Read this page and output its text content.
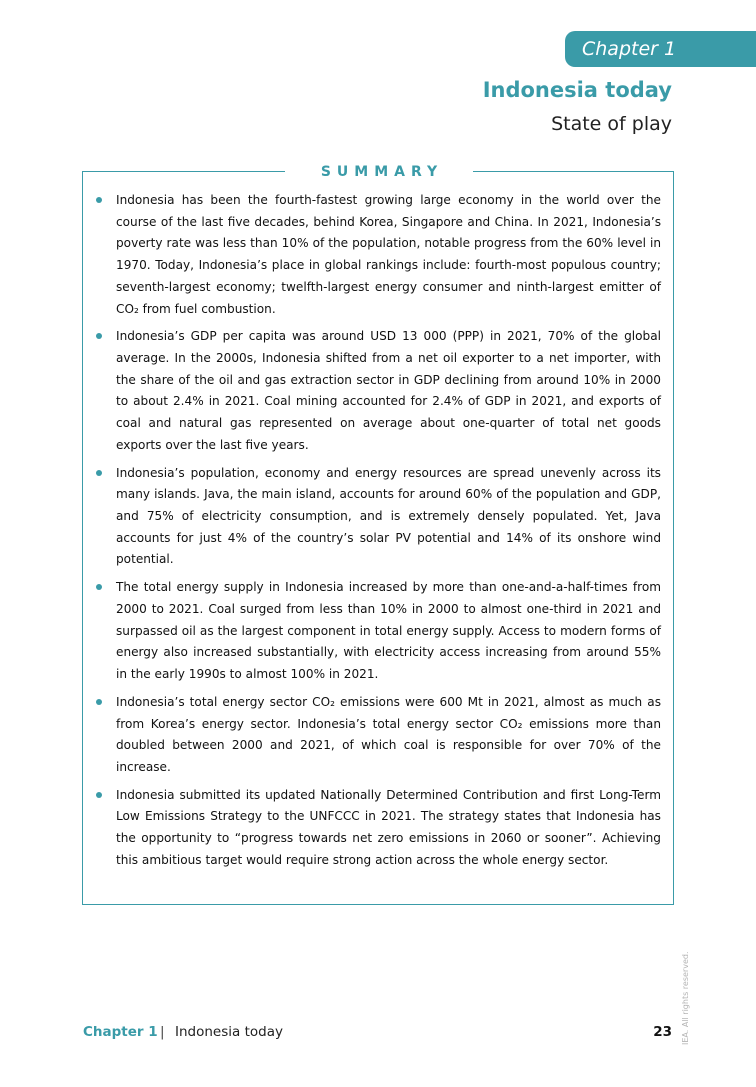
Chapter 1
Indonesia today
State of play
SUMMARY
Indonesia has been the fourth-fastest growing large economy in the world over the course of the last five decades, behind Korea, Singapore and China. In 2021, Indonesia’s poverty rate was less than 10% of the population, notable progress from the 60% level in 1970. Today, Indonesia’s place in global rankings include: fourth-most populous country; seventh-largest economy; twelfth-largest energy consumer and ninth-largest emitter of CO₂ from fuel combustion.
Indonesia’s GDP per capita was around USD 13 000 (PPP) in 2021, 70% of the global average. In the 2000s, Indonesia shifted from a net oil exporter to a net importer, with the share of the oil and gas extraction sector in GDP declining from around 10% in 2000 to about 2.4% in 2021. Coal mining accounted for 2.4% of GDP in 2021, and exports of coal and natural gas represented on average about one-quarter of total net goods exports over the last five years.
Indonesia’s population, economy and energy resources are spread unevenly across its many islands. Java, the main island, accounts for around 60% of the population and GDP, and 75% of electricity consumption, and is extremely densely populated. Yet, Java accounts for just 4% of the country’s solar PV potential and 14% of its onshore wind potential.
The total energy supply in Indonesia increased by more than one-and-a-half-times from 2000 to 2021. Coal surged from less than 10% in 2000 to almost one-third in 2021 and surpassed oil as the largest component in total energy supply. Access to modern forms of energy also increased substantially, with electricity access increasing from around 55% in the early 1990s to almost 100% in 2021.
Indonesia’s total energy sector CO₂ emissions were 600 Mt in 2021, almost as much as from Korea’s energy sector. Indonesia’s total energy sector CO₂ emissions more than doubled between 2000 and 2021, of which coal is responsible for over 70% of the increase.
Indonesia submitted its updated Nationally Determined Contribution and first Long-Term Low Emissions Strategy to the UNFCCC in 2021. The strategy states that Indonesia has the opportunity to “progress towards net zero emissions in 2060 or sooner”. Achieving this ambitious target would require strong action across the whole energy sector.
Chapter 1 | Indonesia today	23 IEA. All rights reserved.
